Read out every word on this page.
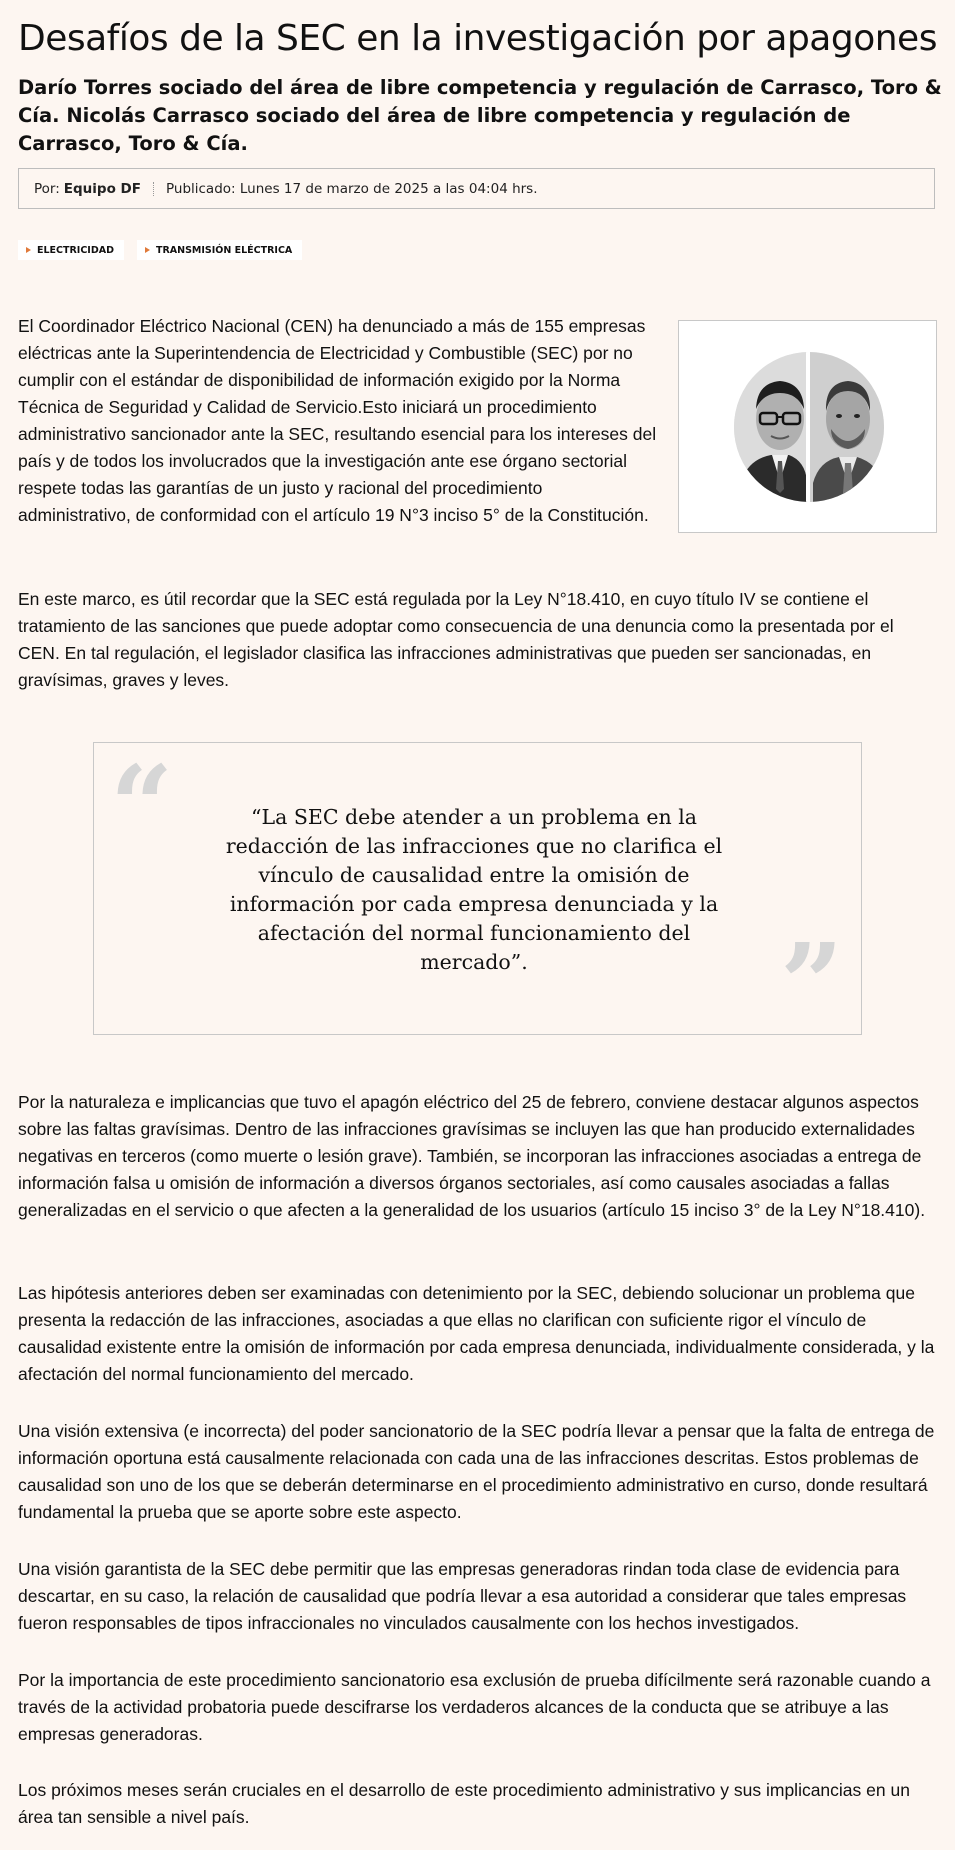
Desafíos de la SEC en la investigación por apagones
Darío Torres sociado del área de libre competencia y regulación de Carrasco, Toro & Cía. Nicolás Carrasco sociado del área de libre competencia y regulación de Carrasco, Toro & Cía.
Por: Equipo DF Publicado: Lunes 17 de marzo de 2025 a las 04:04 hrs.
ELECTRICIDAD	TRANSMISIÓN ELÉCTRICA

El Coordinador Eléctrico Nacional (CEN) ha denunciado a más de 155 empresas eléctricas ante la Superintendencia de Electricidad y Combustible (SEC) por no cumplir con el estándar de disponibilidad de información exigido por la Norma Técnica de Seguridad y Calidad de Servicio.Esto iniciará un procedimiento administrativo sancionador ante la SEC, resultando esencial para los intereses del país y de todos los involucrados que la investigación ante ese órgano sectorial respete todas las garantías de un justo y racional del procedimiento administrativo, de conformidad con el artículo 19 N°3 inciso 5° de la Constitución.

En este marco, es útil recordar que la SEC está regulada por la Ley N°18.410, en cuyo título IV se contiene el tratamiento de las sanciones que puede adoptar como consecuencia de una denuncia como la presentada por el CEN. En tal regulación, el legislador clasifica las infracciones administrativas que pueden ser sancionadas, en gravísimas, graves y leves.

“	“La SEC debe atender a un problema en la redacción de las infracciones que no clarifica el vínculo de causalidad entre la omisión de información por cada empresa denunciada y la afectación del normal funcionamiento del mercado”.	”

Por la naturaleza e implicancias que tuvo el apagón eléctrico del 25 de febrero, conviene destacar algunos aspectos sobre las faltas gravísimas. Dentro de las infracciones gravísimas se incluyen las que han producido externalidades negativas en terceros (como muerte o lesión grave). También, se incorporan las infracciones asociadas a entrega de información falsa u omisión de información a diversos órganos sectoriales, así como causales asociadas a fallas generalizadas en el servicio o que afecten a la generalidad de los usuarios (artículo 15 inciso 3° de la Ley N°18.410).

Las hipótesis anteriores deben ser examinadas con detenimiento por la SEC, debiendo solucionar un problema que presenta la redacción de las infracciones, asociadas a que ellas no clarifican con suficiente rigor el vínculo de causalidad existente entre la omisión de información por cada empresa denunciada, individualmente considerada, y la afectación del normal funcionamiento del mercado.

Una visión extensiva (e incorrecta) del poder sancionatorio de la SEC podría llevar a pensar que la falta de entrega de información oportuna está causalmente relacionada con cada una de las infracciones descritas. Estos problemas de causalidad son uno de los que se deberán determinarse en el procedimiento administrativo en curso, donde resultará fundamental la prueba que se aporte sobre este aspecto.

Una visión garantista de la SEC debe permitir que las empresas generadoras rindan toda clase de evidencia para descartar, en su caso, la relación de causalidad que podría llevar a esa autoridad a considerar que tales empresas fueron responsables de tipos infraccionales no vinculados causalmente con los hechos investigados.

Por la importancia de este procedimiento sancionatorio esa exclusión de prueba difícilmente será razonable cuando a través de la actividad probatoria puede descifrarse los verdaderos alcances de la conducta que se atribuye a las empresas generadoras.

Los próximos meses serán cruciales en el desarrollo de este procedimiento administrativo y sus implicancias en un área tan sensible a nivel país.
